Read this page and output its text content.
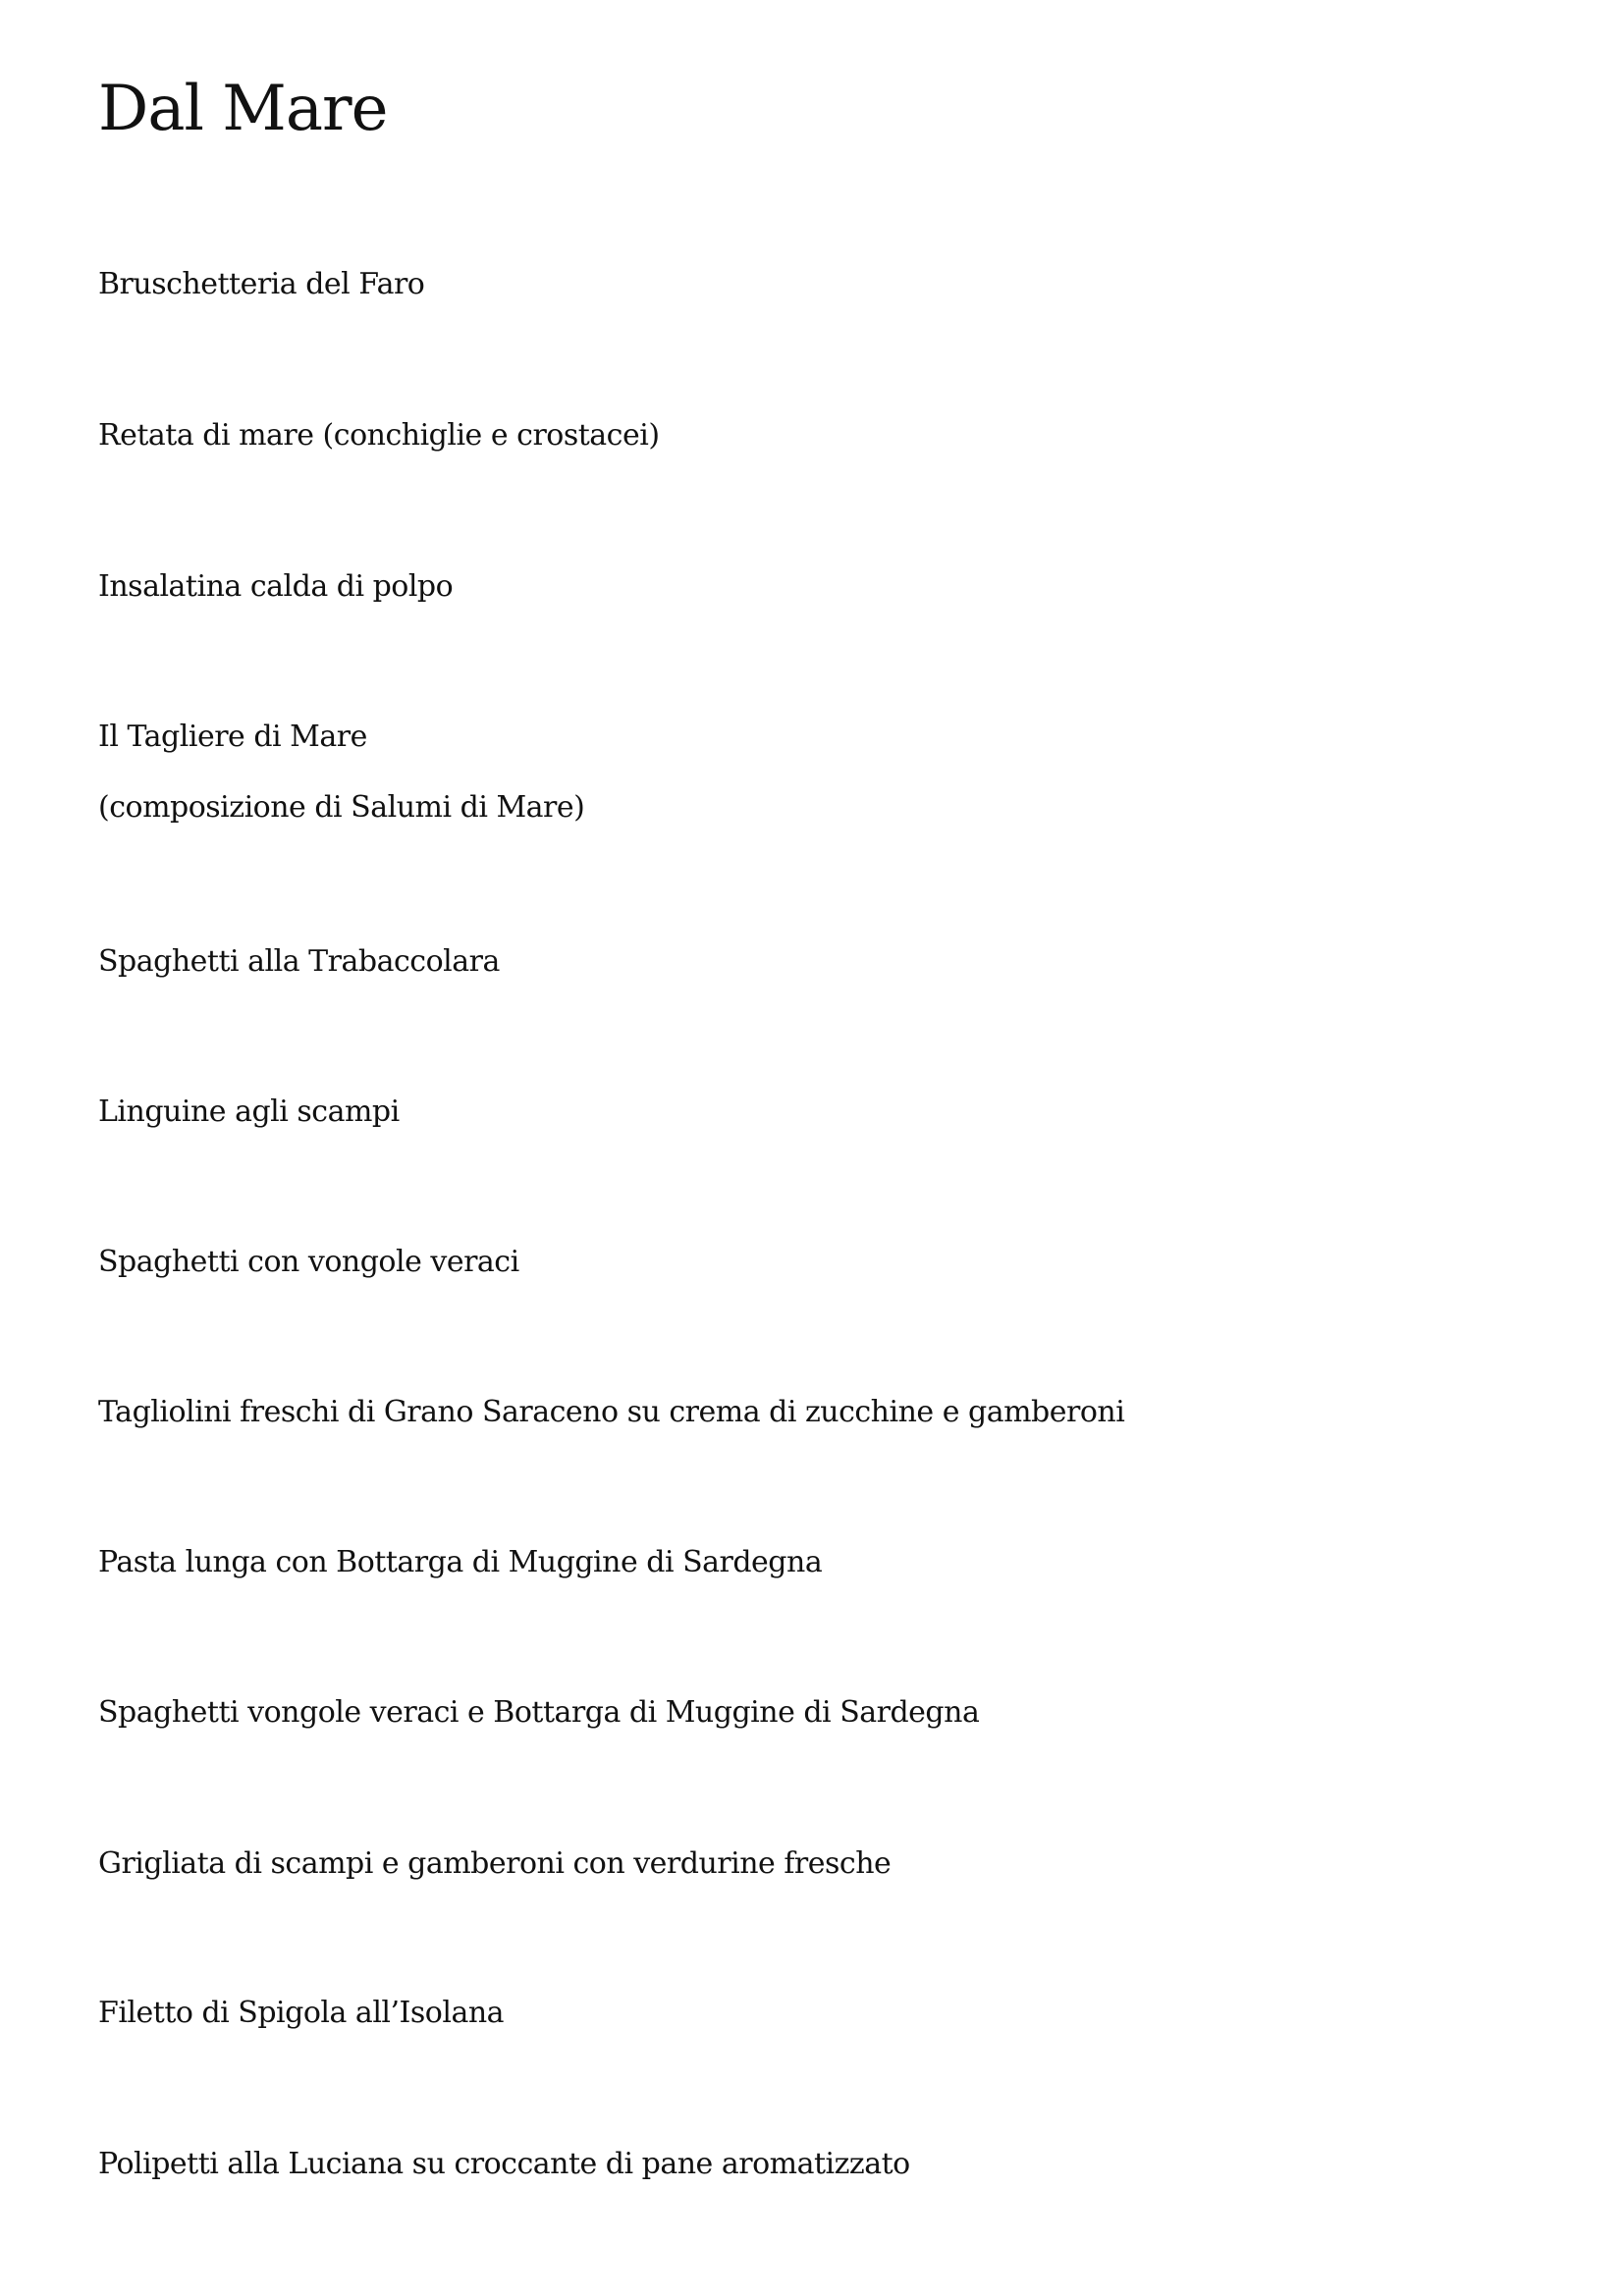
Dal Mare
Bruschetteria del Faro
Retata di mare (conchiglie e crostacei)
Insalatina calda di polpo
Il Tagliere di Mare
(composizione di Salumi di Mare)
Spaghetti alla Trabaccolara
Linguine agli scampi
Spaghetti con vongole veraci
Tagliolini freschi di Grano Saraceno su crema di zucchine e gamberoni
Pasta lunga con Bottarga di Muggine di Sardegna
Spaghetti vongole veraci e Bottarga di Muggine di Sardegna
Grigliata di scampi e gamberoni con verdurine fresche
Filetto di Spigola all’Isolana
Polipetti alla Luciana su croccante di pane aromatizzato
